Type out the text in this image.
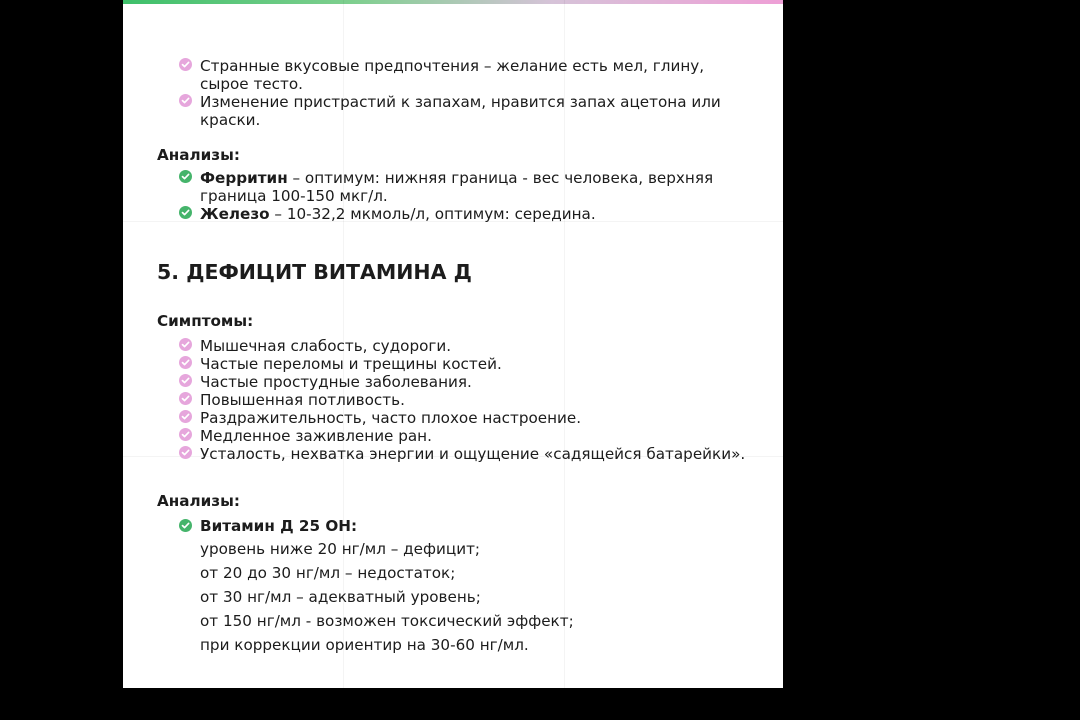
Странные вкусовые предпочтения – желание есть мел, глину, сырое тесто.
Изменение пристрастий к запахам, нравится запах ацетона или краски.
Анализы:
Ферритин – оптимум: нижняя граница - вес человека, верхняя граница 100-150 мкг/л.
Железо – 10-32,2 мкмоль/л, оптимум: середина.
5. ДЕФИЦИТ ВИТАМИНА Д
Симптомы:
Мышечная слабость, судороги.
Частые переломы и трещины костей.
Частые простудные заболевания.
Повышенная потливость.
Раздражительность, часто плохое настроение.
Медленное заживление ран.
Усталость, нехватка энергии и ощущение «садящейся батарейки».
Анализы:
Витамин Д 25 ОН:
уровень ниже 20 нг/мл – дефицит;
от 20 до 30 нг/мл – недостаток;
от 30 нг/мл – адекватный уровень;
от 150 нг/мл - возможен токсический эффект;
при коррекции ориентир на 30-60 нг/мл.
